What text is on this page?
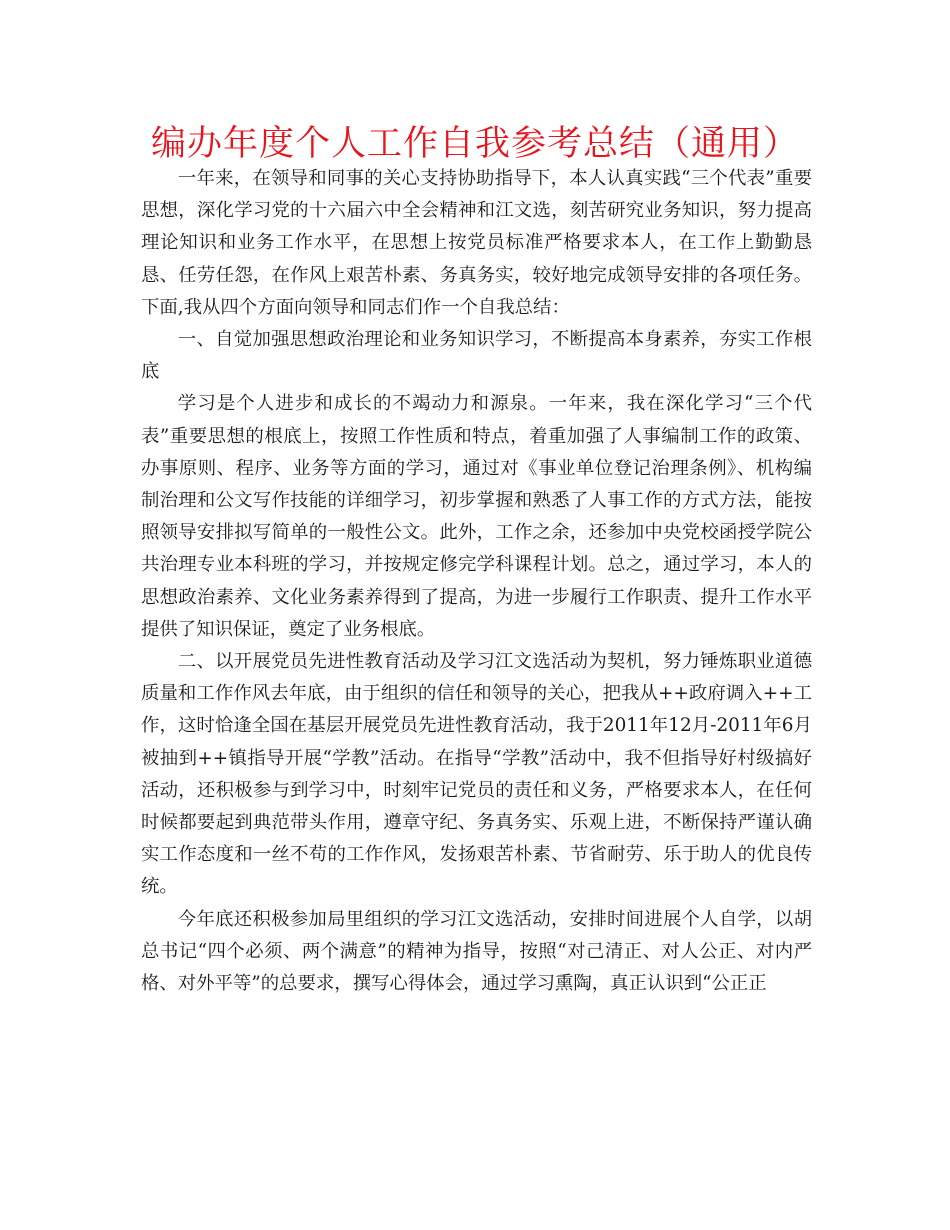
编办年度个人工作自我参考总结（通用）

一年来，在领导和同事的关心支持协助指导下，本人认真实践“三个代表”重要思想，深化学习党的十六届六中全会精神和江文选，刻苦研究业务知识，努力提高理论知识和业务工作水平，在思想上按党员标准严格要求本人，在工作上勤勤恳恳、任劳任怨，在作风上艰苦朴素、务真务实，较好地完成领导安排的各项任务。下面,我从四个方面向领导和同志们作一个自我总结：

一、自觉加强思想政治理论和业务知识学习，不断提高本身素养，夯实工作根底

学习是个人进步和成长的不竭动力和源泉。一年来，我在深化学习“三个代表”重要思想的根底上，按照工作性质和特点，着重加强了人事编制工作的政策、办事原则、程序、业务等方面的学习，通过对《事业单位登记治理条例》、机构编制治理和公文写作技能的详细学习，初步掌握和熟悉了人事工作的方式方法，能按照领导安排拟写简单的一般性公文。此外，工作之余，还参加中央党校函授学院公共治理专业本科班的学习，并按规定修完学科课程计划。总之，通过学习，本人的思想政治素养、文化业务素养得到了提高，为进一步履行工作职责、提升工作水平提供了知识保证，奠定了业务根底。

二、以开展党员先进性教育活动及学习江文选活动为契机，努力锤炼职业道德质量和工作作风去年底，由于组织的信任和领导的关心，把我从++政府调入++工作，这时恰逢全国在基层开展党员先进性教育活动，我于2011年12月-2011年6月被抽到++镇指导开展“学教”活动。在指导“学教”活动中，我不但指导好村级搞好活动，还积极参与到学习中，时刻牢记党员的责任和义务，严格要求本人，在任何时候都要起到典范带头作用，遵章守纪、务真务实、乐观上进，不断保持严谨认确实工作态度和一丝不苟的工作作风，发扬艰苦朴素、节省耐劳、乐于助人的优良传统。

今年底还积极参加局里组织的学习江文选活动，安排时间进展个人自学，以胡总书记“四个必须、两个满意”的精神为指导，按照“对己清正、对人公正、对内严格、对外平等”的总要求，撰写心得体会，通过学习熏陶，真正认识到“公正正
